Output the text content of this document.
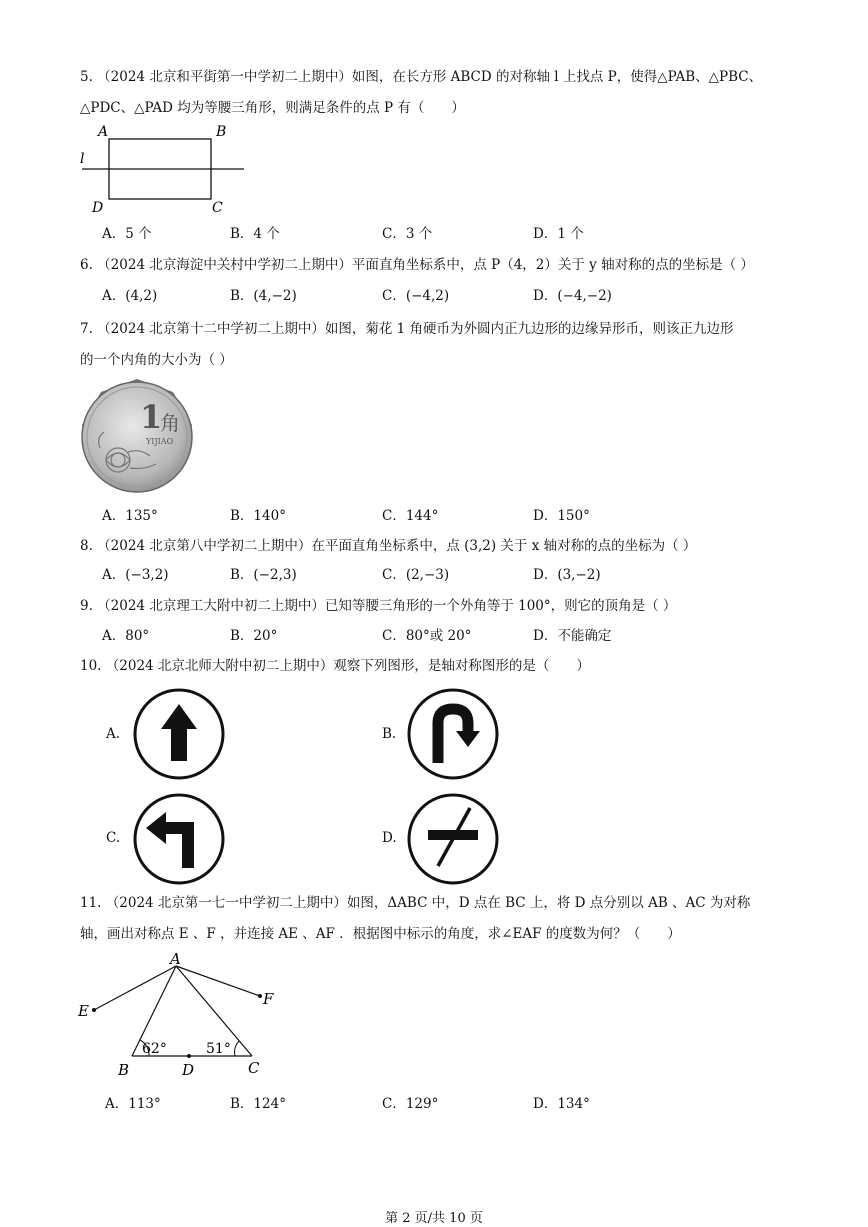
5. （2024 北京和平街第一中学初二上期中）如图，在长方形 ABCD 的对称轴 l 上找点 P，使得△PAB、△PBC、
△PDC、△PAD 均为等腰三角形，则满足条件的点 P 有（　　）
A	B
C
D
l
A．5 个	B．4 个	C．3 个	D．1 个
6. （2024 北京海淀中关村中学初二上期中）平面直角坐标系中，点 P（4，2）关于 y 轴对称的点的坐标是（ ）
A．(4,2)	B．(4,−2)	C．(−4,2)	D．(−4,−2)
7. （2024 北京第十二中学初二上期中）如图，菊花 1 角硬币为外圆内正九边形的边缘异形币，则该正九边形
的一个内角的大小为（ ）
1
角
YIJIAO
A．135°	B．140°	C．144°	D．150°
8. （2024 北京第八中学初二上期中）在平面直角坐标系中，点 (3,2) 关于 x 轴对称的点的坐标为（ ）
A．(−3,2)	B．(−2,3)	C．(2,−3)	D．(3,−2)
9. （2024 北京理工大附中初二上期中）已知等腰三角形的一个外角等于 100°，则它的顶角是（ ）
A．80°	B．20°	C．80°或 20°	D．不能确定
10. （2024 北京北师大附中初二上期中）观察下列图形，是轴对称图形的是（　　）
A.	B.
C.	D.
11. （2024 北京第一七一中学初二上期中）如图，ΔABC 中，D 点在 BC 上，将 D 点分别以 AB 、AC 为对称
轴，画出对称点 E 、F ，并连接 AE 、AF ．根据图中标示的角度，求∠EAF 的度数为何？（　　）
A
B	C
D
E
F
62°	51°
A．113°	B．124°	C．129°	D．134°
第 2 页/共 10 页
